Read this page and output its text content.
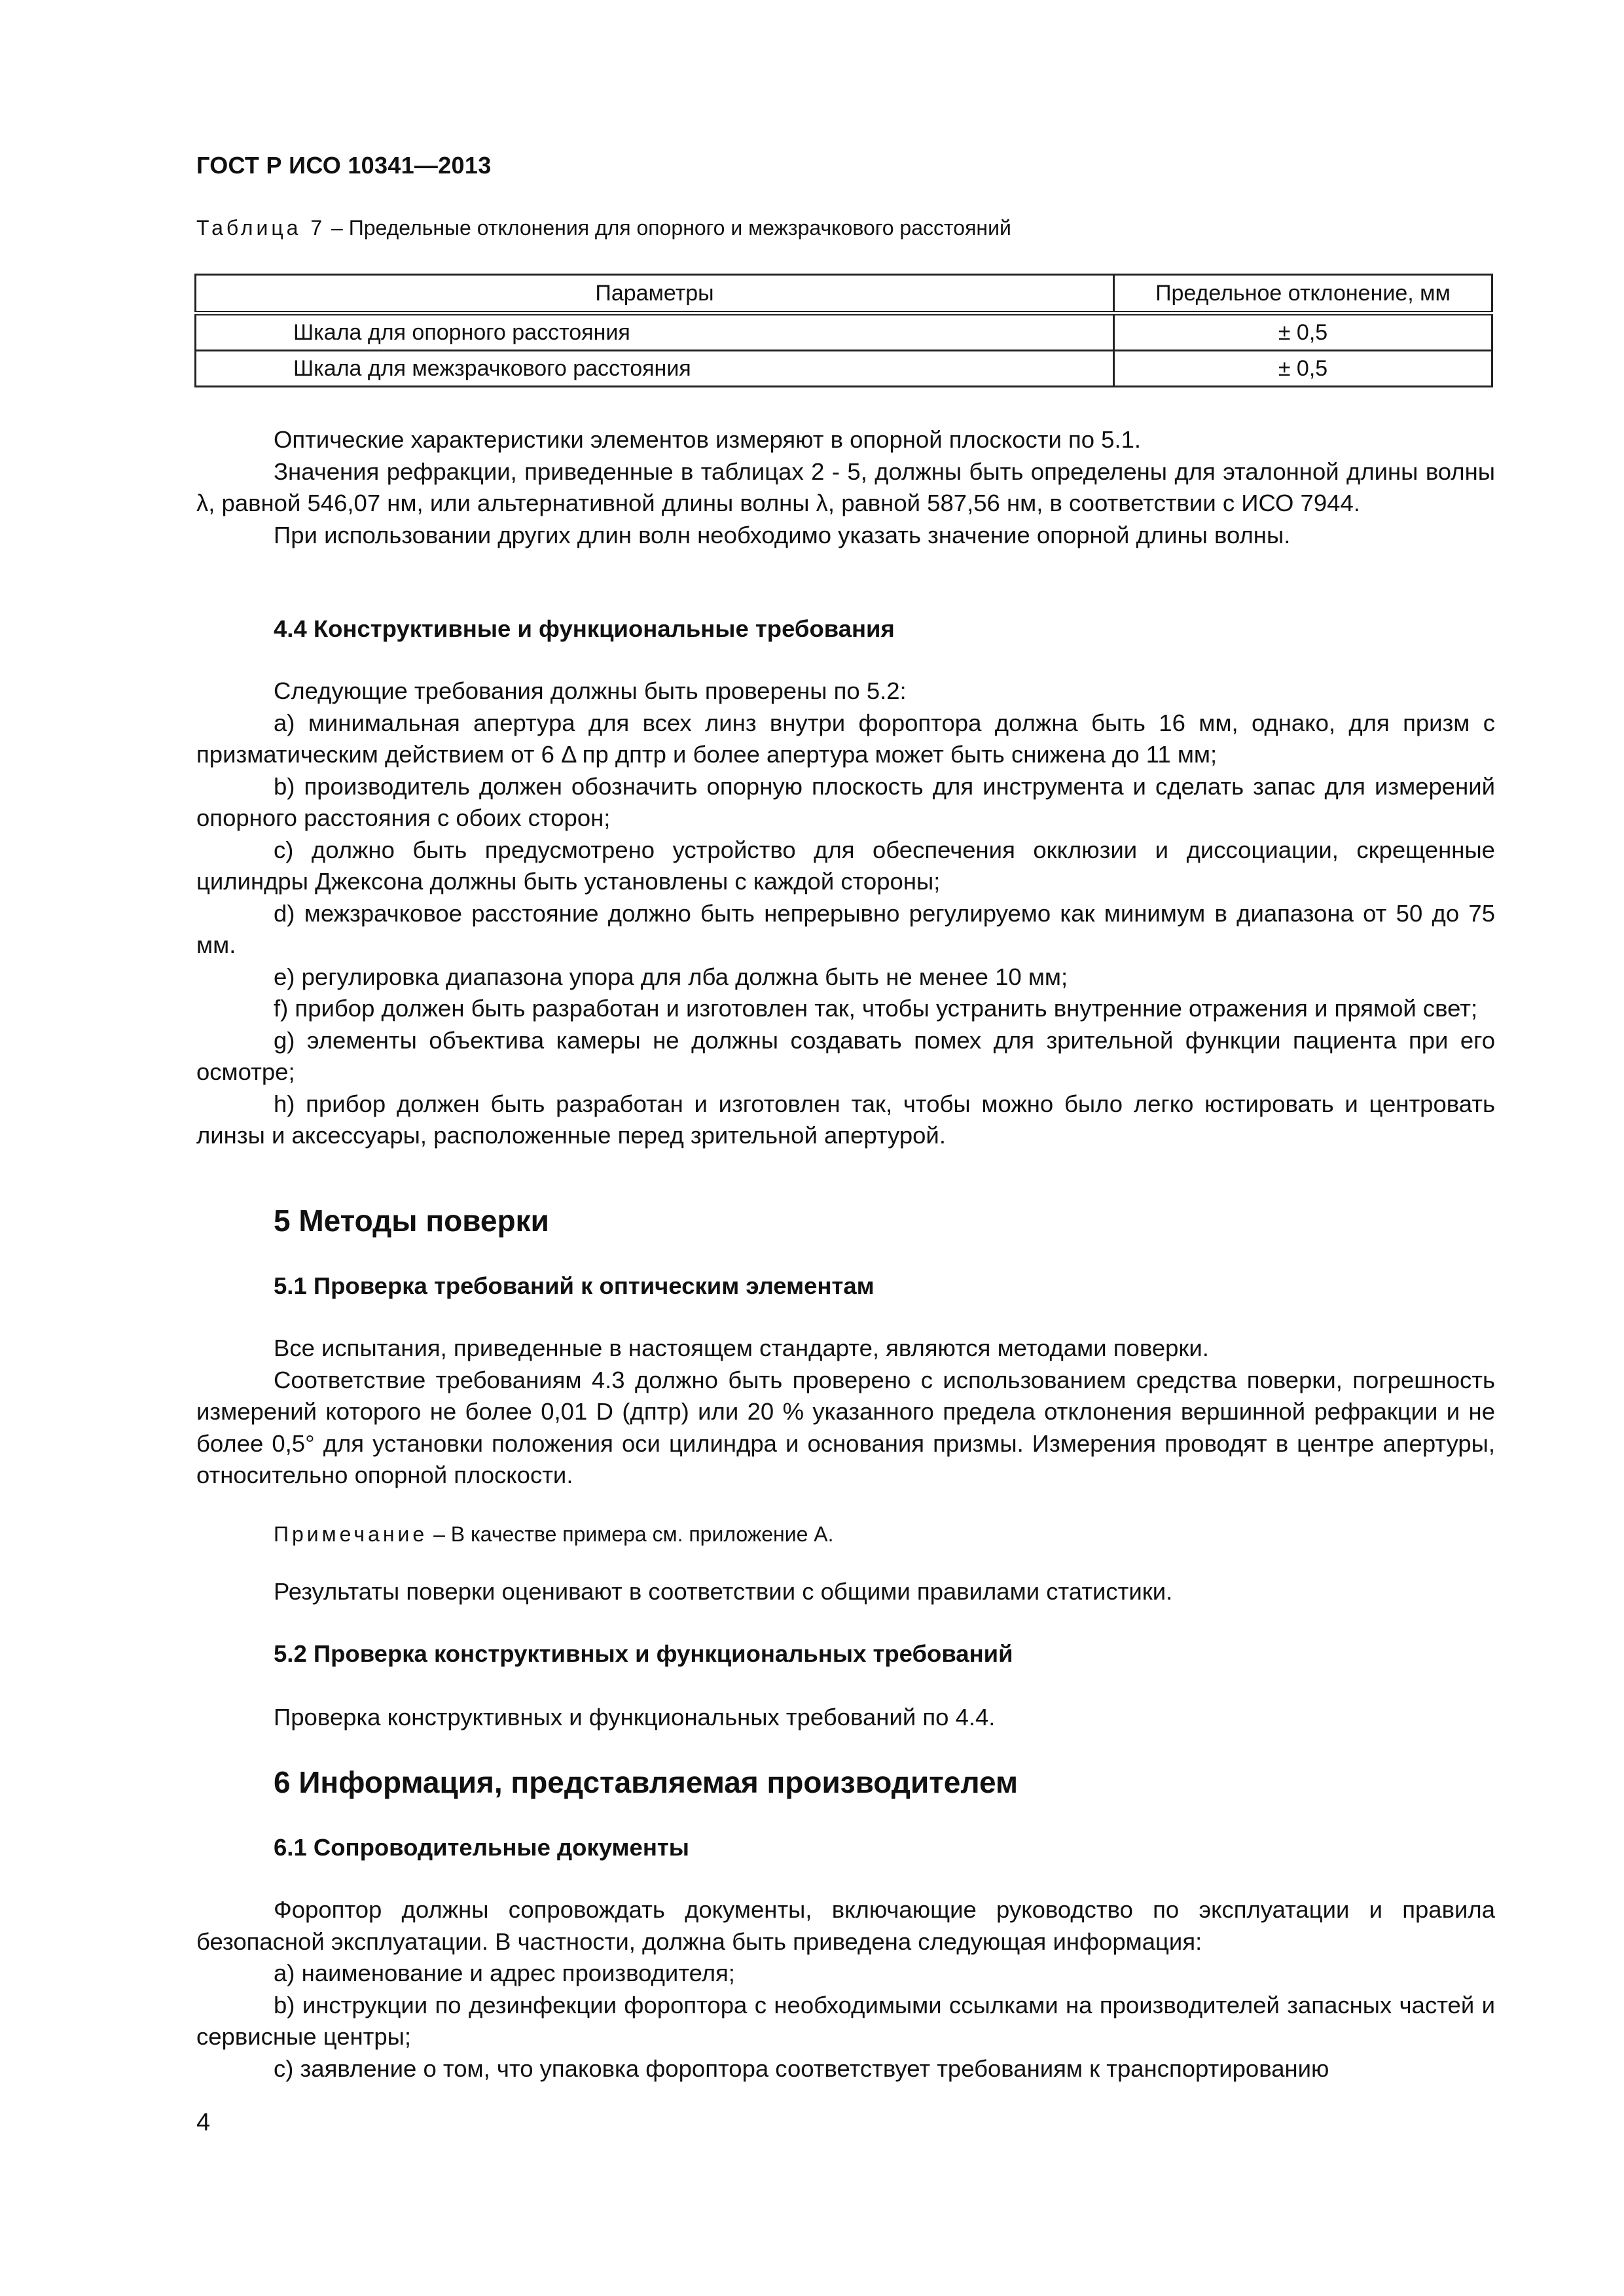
ГОСТ Р ИСО 10341—2013
Таблица 7 – Предельные отклонения для опорного и межзрачкового расстояний
Параметры	Предельное отклонение, мм
Шкала для опорного расстояния	± 0,5
Шкала для межзрачкового расстояния	± 0,5

Оптические характеристики элементов измеряют в опорной плоскости по 5.1.

Значения рефракции, приведенные в таблицах 2 - 5, должны быть определены для эталонной длины волны λ, равной 546,07 нм, или альтернативной длины волны λ, равной 587,56 нм, в соответствии с ИСО 7944.

При использовании других длин волн необходимо указать значение опорной длины волны.

4.4 Конструктивные и функциональные требования

Следующие требования должны быть проверены по 5.2:

а) минимальная апертура для всех линз внутри фороптора должна быть 16 мм, однако, для призм с призматическим действием от 6 Δ пр дптр и более апертура может быть снижена до 11 мм;

b) производитель должен обозначить опорную плоскость для инструмента и сделать запас для измерений опорного расстояния с обоих сторон;

c) должно быть предусмотрено устройство для обеспечения окклюзии и диссоциации, скрещенные цилиндры Джексона должны быть установлены с каждой стороны;

d) межзрачковое расстояние должно быть непрерывно регулируемо как минимум в диапазона от 50 до 75 мм.

е) регулировка диапазона упора для лба должна быть не менее 10 мм;

f) прибор должен быть разработан и изготовлен так, чтобы устранить внутренние отражения и прямой свет;

g) элементы объектива камеры не должны создавать помех для зрительной функции пациента при его осмотре;

h) прибор должен быть разработан и изготовлен так, чтобы можно было легко юстировать и центровать линзы и аксессуары, расположенные перед зрительной апертурой.

5 Методы поверки
5.1 Проверка требований к оптическим элементам

Все испытания, приведенные в настоящем стандарте, являются методами поверки.

Соответствие требованиям 4.3 должно быть проверено с использованием средства поверки, погрешность измерений которого не более 0,01 D (дптр) или 20 % указанного предела отклонения вершинной рефракции и не более 0,5° для установки положения оси цилиндра и основания призмы. Измерения проводят в центре апертуры, относительно опорной плоскости.

Примечание – В качестве примера см. приложение А.

Результаты поверки оценивают в соответствии с общими правилами статистики.

5.2 Проверка конструктивных и функциональных требований

Проверка конструктивных и функциональных требований по 4.4.

6 Информация, представляемая производителем
6.1 Сопроводительные документы

Фороптор должны сопровождать документы, включающие руководство по эксплуатации и правила безопасной эксплуатации. В частности, должна быть приведена следующая информация:

а) наименование и адрес производителя;

b) инструкции по дезинфекции фороптора с необходимыми ссылками на производителей запасных частей и сервисные центры;

c) заявление о том, что упаковка фороптора соответствует требованиям к транспортированию

4
